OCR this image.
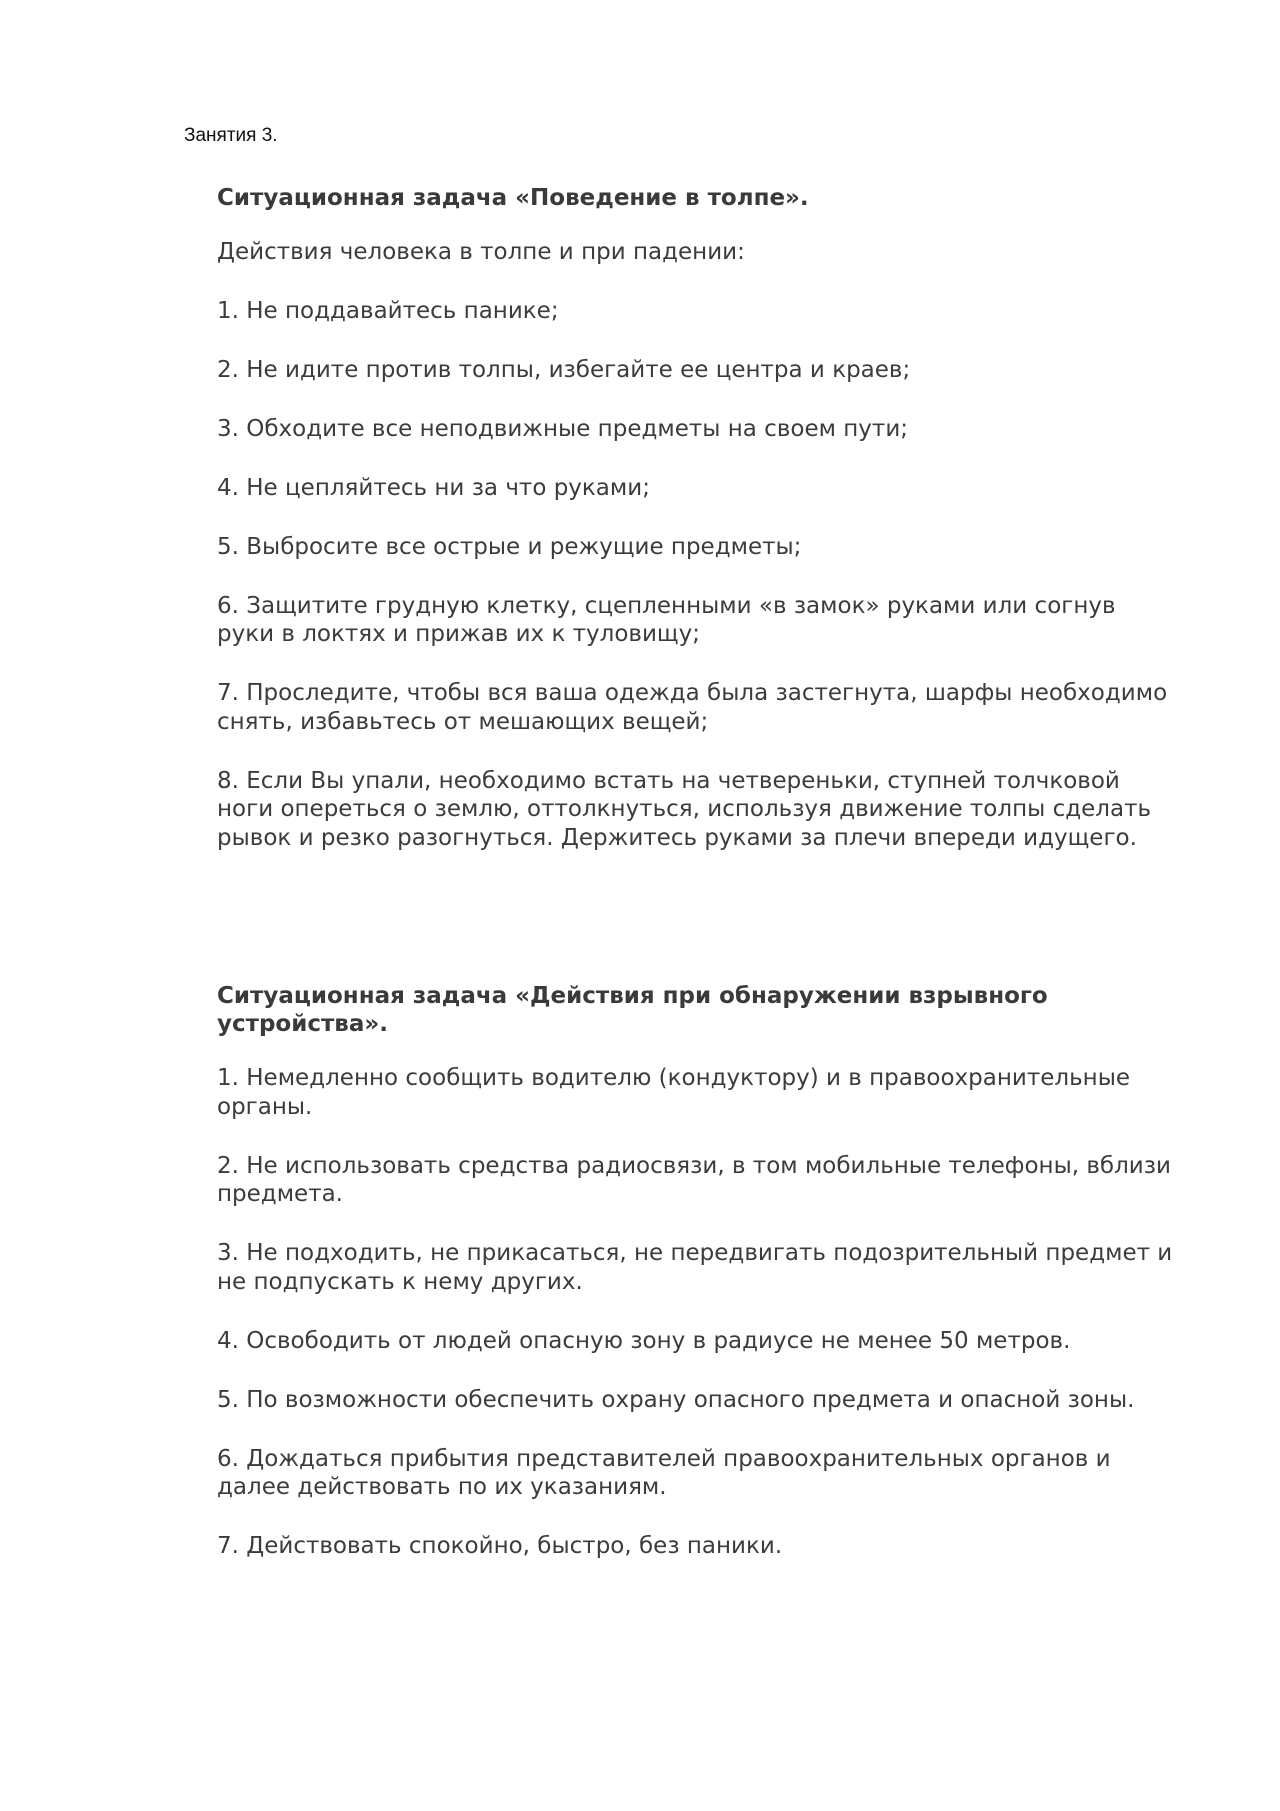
Занятия 3.
Ситуационная задача «Поведение в толпе».
Действия человека в толпе и при падении:
1. Не поддавайтесь панике;
2. Не идите против толпы, избегайте ее центра и краев;
3. Обходите все неподвижные предметы на своем пути;
4. Не цепляйтесь ни за что руками;
5. Выбросите все острые и режущие предметы;
6. Защитите грудную клетку, сцепленными «в замок» руками или согнув руки в локтях и прижав их к туловищу;
7. Проследите, чтобы вся ваша одежда была застегнута, шарфы необходимо снять, избавьтесь от мешающих вещей;
8. Если Вы упали, необходимо встать на четвереньки, ступней толчковой ноги опереться о землю, оттолкнуться, используя движение толпы сделать рывок и резко разогнуться. Держитесь руками за плечи впереди идущего.
Ситуационная задача «Действия при обнаружении взрывного устройства».
1. Немедленно сообщить водителю (кондуктору) и в правоохранительные органы.
2. Не использовать средства радиосвязи, в том мобильные телефоны, вблизи предмета.
3. Не подходить, не прикасаться, не передвигать подозрительный предмет и не подпускать к нему других.
4. Освободить от людей опасную зону в радиусе не менее 50 метров.
5. По возможности обеспечить охрану опасного предмета и опасной зоны.
6. Дождаться прибытия представителей правоохранительных органов и далее действовать по их указаниям.
7. Действовать спокойно, быстро, без паники.
